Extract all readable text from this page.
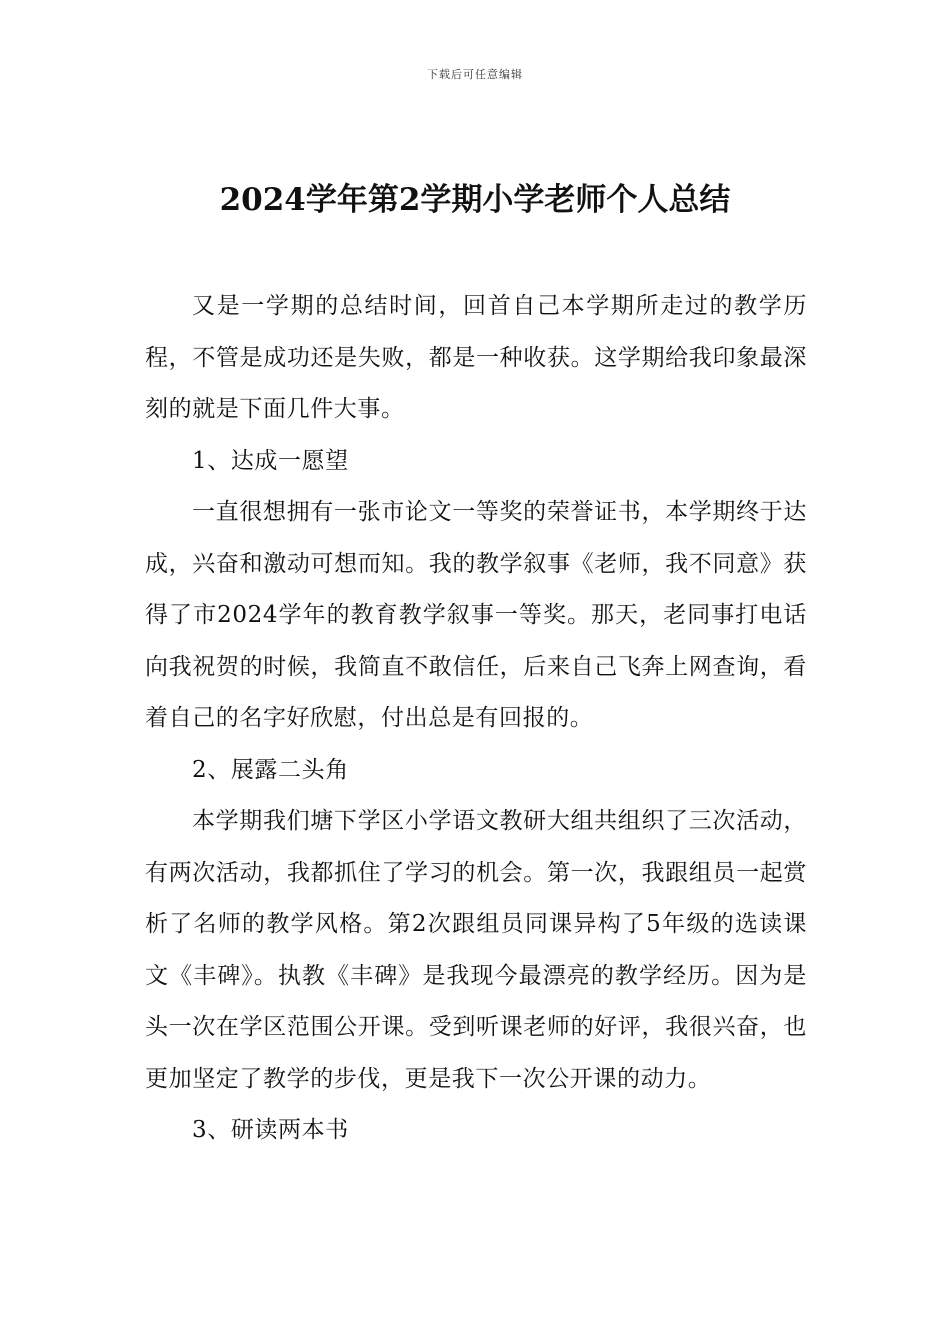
下载后可任意编辑
2024学年第2学期小学老师个人总结

又是一学期的总结时间，回首自己本学期所走过的教学历程，不管是成功还是失败，都是一种收获。这学期给我印象最深刻的就是下面几件大事。

1、达成一愿望

一直很想拥有一张市论文一等奖的荣誉证书，本学期终于达成，兴奋和激动可想而知。我的教学叙事《老师，我不同意》获得了市2024学年的教育教学叙事一等奖。那天，老同事打电话向我祝贺的时候，我简直不敢信任，后来自己飞奔上网查询，看着自己的名字好欣慰，付出总是有回报的。

2、展露二头角

本学期我们塘下学区小学语文教研大组共组织了三次活动，有两次活动，我都抓住了学习的机会。第一次，我跟组员一起赏析了名师的教学风格。第2次跟组员同课异构了5年级的选读课文《丰碑》。执教《丰碑》是我现今最漂亮的教学经历。因为是头一次在学区范围公开课。受到听课老师的好评，我很兴奋，也更加坚定了教学的步伐，更是我下一次公开课的动力。

3、研读两本书
